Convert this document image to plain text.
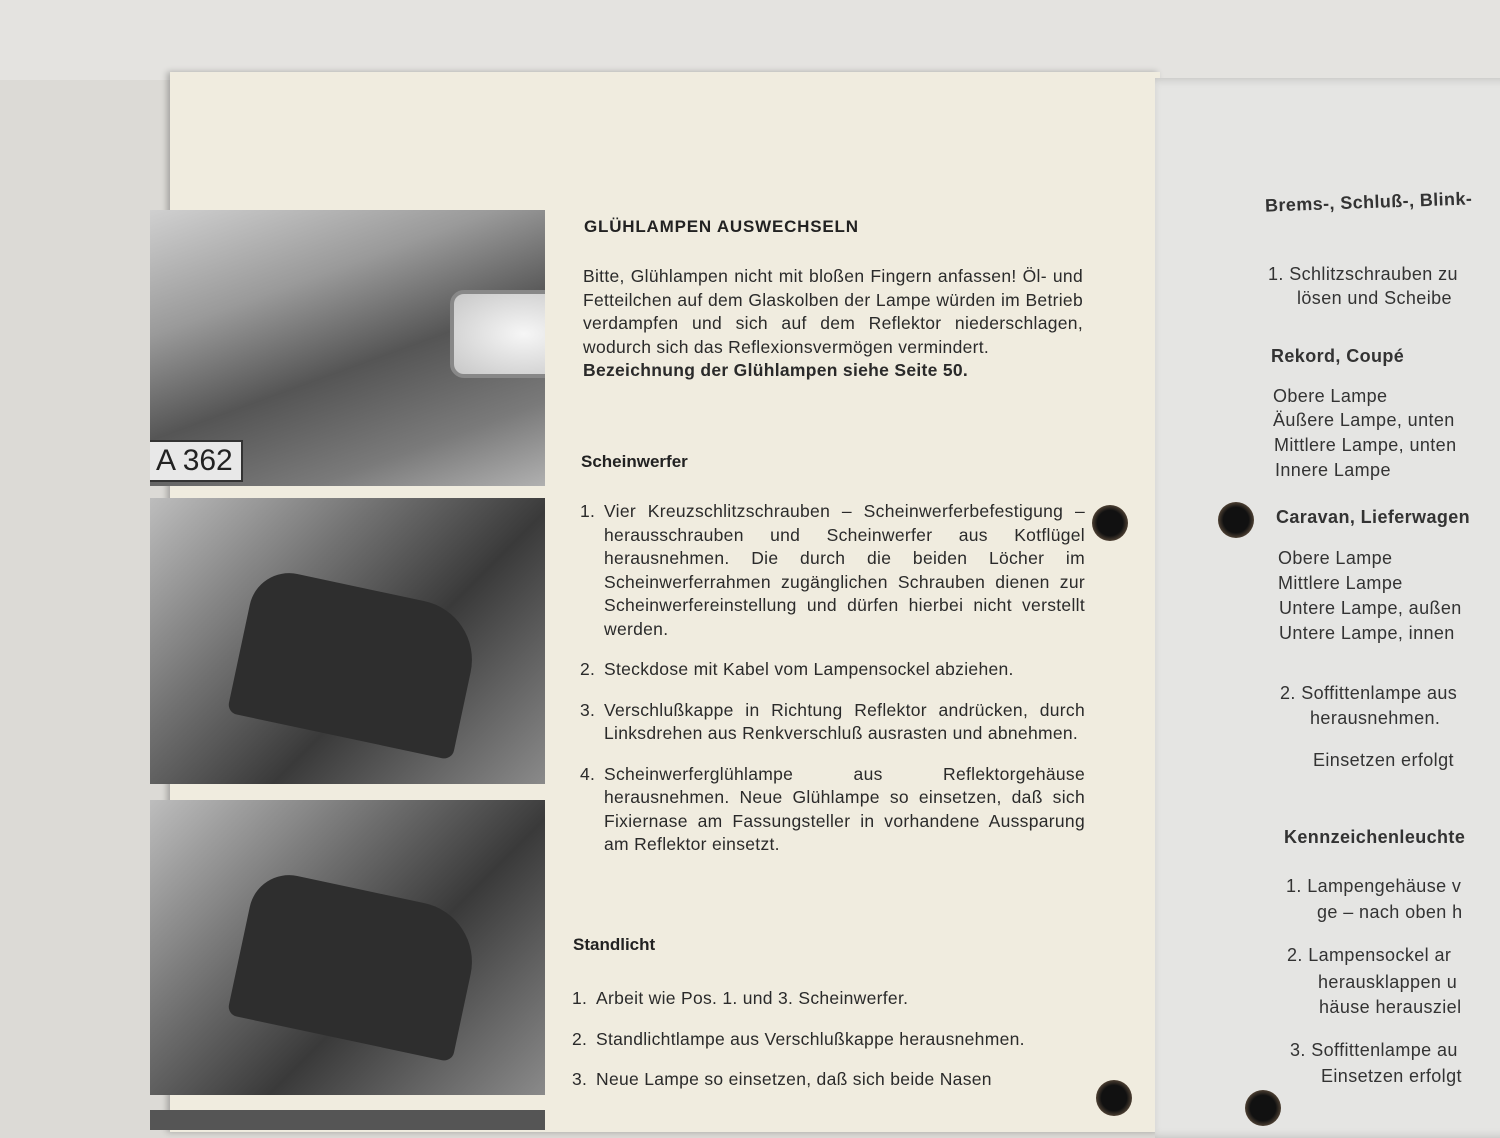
A 362
GLÜHLAMPEN AUSWECHSELN
Bitte, Glühlampen nicht mit bloßen Fingern anfassen! Öl- und Fetteilchen auf dem Glaskolben der Lampe würden im Betrieb verdampfen und sich auf dem Reflektor niederschlagen, wodurch sich das Reflexionsvermögen vermindert.
Bezeichnung der Glühlampen siehe Seite 50.
Scheinwerfer
1. Vier Kreuzschlitzschrauben – Scheinwerferbefestigung – herausschrauben und Scheinwerfer aus Kotflügel herausnehmen. Die durch die beiden Löcher im Scheinwerferrahmen zugänglichen Schrauben dienen zur Scheinwerfereinstellung und dürfen hierbei nicht verstellt werden.
2. Steckdose mit Kabel vom Lampensockel abziehen.
3. Verschlußkappe in Richtung Reflektor andrücken, durch Linksdrehen aus Renkverschluß ausrasten und abnehmen.
4. Scheinwerferglühlampe aus Reflektorgehäuse herausnehmen. Neue Glühlampe so einsetzen, daß sich Fixiernase am Fassungsteller in vorhandene Aussparung am Reflektor einsetzt.
Standlicht
1. Arbeit wie Pos. 1. und 3. Scheinwerfer.
2. Standlichtlampe aus Verschlußkappe herausnehmen.
3. Neue Lampe so einsetzen, daß sich beide Nasen
Brems-, Schluß-, Blink-
1. Schlitzschrauben zu
lösen und Scheibe
Rekord, Coupé
Obere Lampe
Äußere Lampe, unten
Mittlere Lampe, unten
Innere Lampe
Caravan, Lieferwagen
Obere Lampe
Mittlere Lampe
Untere Lampe, außen
Untere Lampe, innen
2. Soffittenlampe aus
herausnehmen.
Einsetzen erfolgt
Kennzeichenleuchte
1. Lampengehäuse v
ge – nach oben h
2. Lampensockel ar
herausklappen u
häuse herausziel
3. Soffittenlampe au
Einsetzen erfolgt
